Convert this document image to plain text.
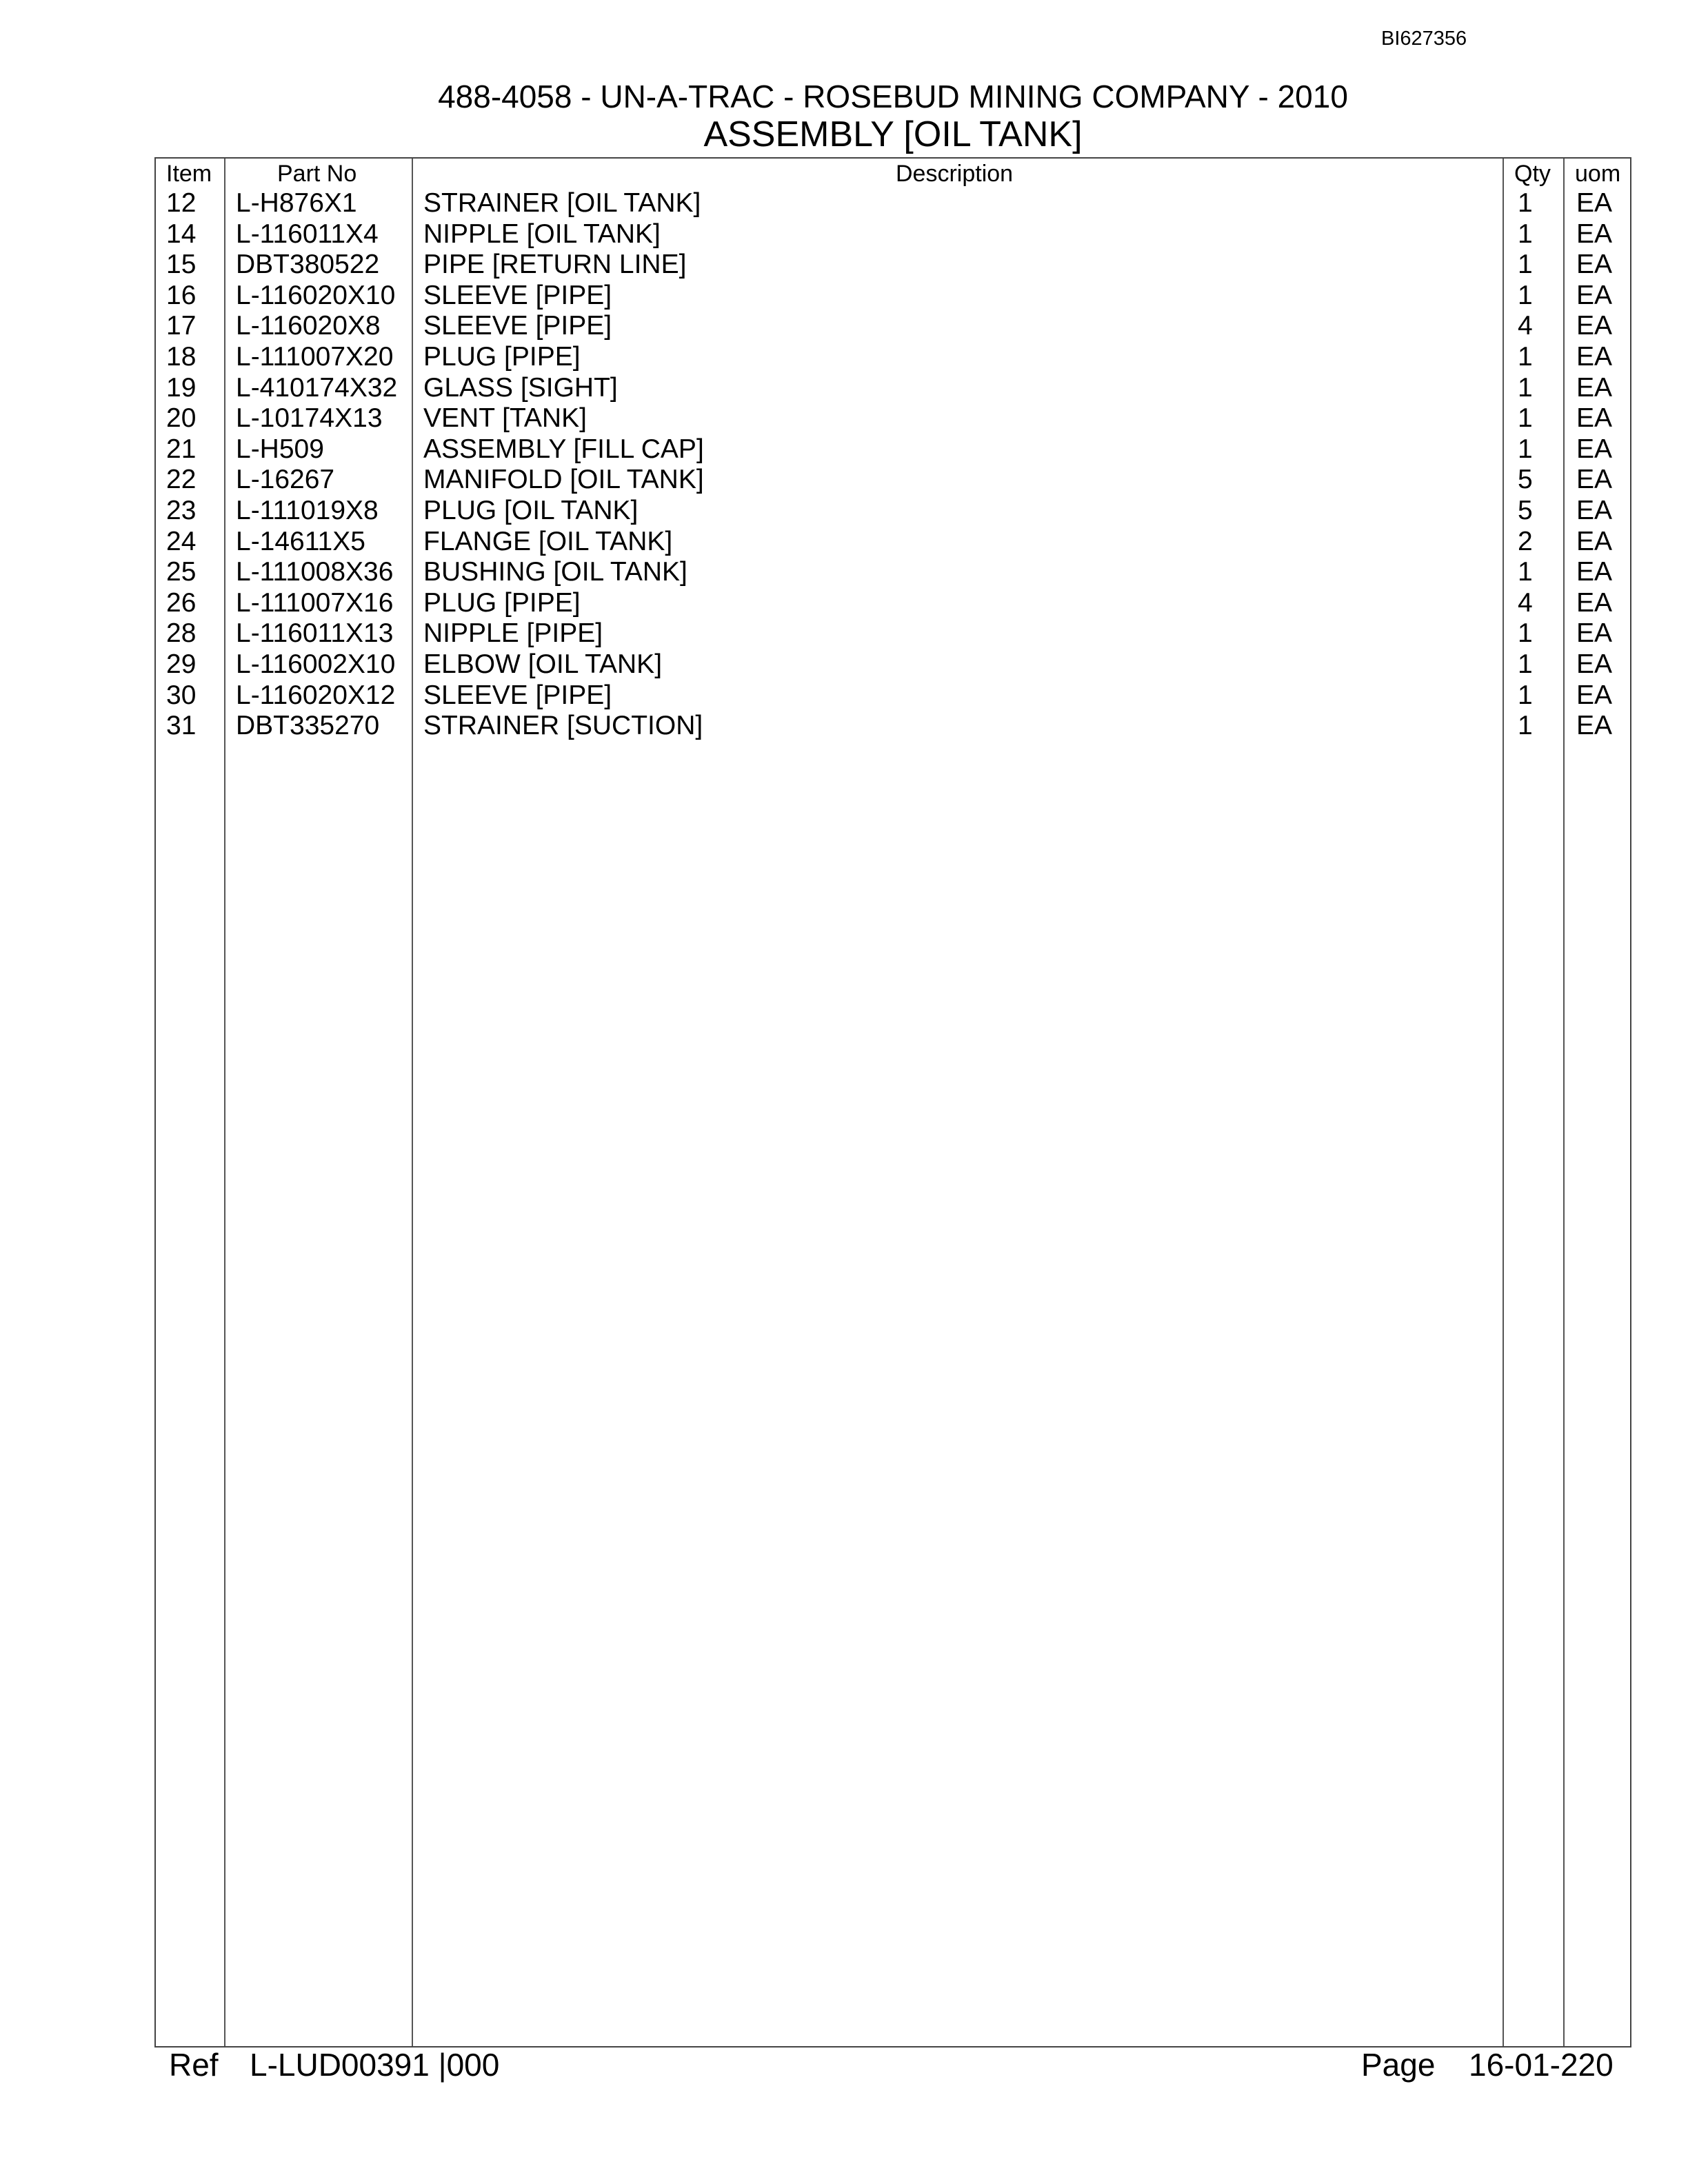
BI627356
488-4058 - UN-A-TRAC - ROSEBUD MINING COMPANY - 2010
ASSEMBLY [OIL TANK]
Item	Part No	Description	Qty uom
12 L-H876X1 STRAINER [OIL TANK]	1 EA
14 L-116011X4 NIPPLE [OIL TANK]	1 EA
15 DBT380522 PIPE [RETURN LINE]	1 EA
16 L-116020X10 SLEEVE [PIPE]	1 EA
17 L-116020X8 SLEEVE [PIPE]	4 EA
18 L-111007X20 PLUG [PIPE]	1 EA
19 L-410174X32 GLASS [SIGHT]	1 EA
20 L-10174X13 VENT [TANK]	1 EA
21 L-H509	ASSEMBLY [FILL CAP]	1 EA
22 L-16267	MANIFOLD [OIL TANK]	5 EA
23 L-111019X8 PLUG [OIL TANK]	5 EA
24 L-14611X5 FLANGE [OIL TANK]	2 EA
25 L-111008X36 BUSHING [OIL TANK]	1 EA
26 L-111007X16 PLUG [PIPE]	4 EA
28 L-116011X13 NIPPLE [PIPE]	1 EA
29 L-116002X10 ELBOW [OIL TANK]	1 EA
30 L-116020X12 SLEEVE [PIPE]	1 EA
31 DBT335270 STRAINER [SUCTION]	1 EA
Ref L-LUD00391 |000	Page 16-01-220
